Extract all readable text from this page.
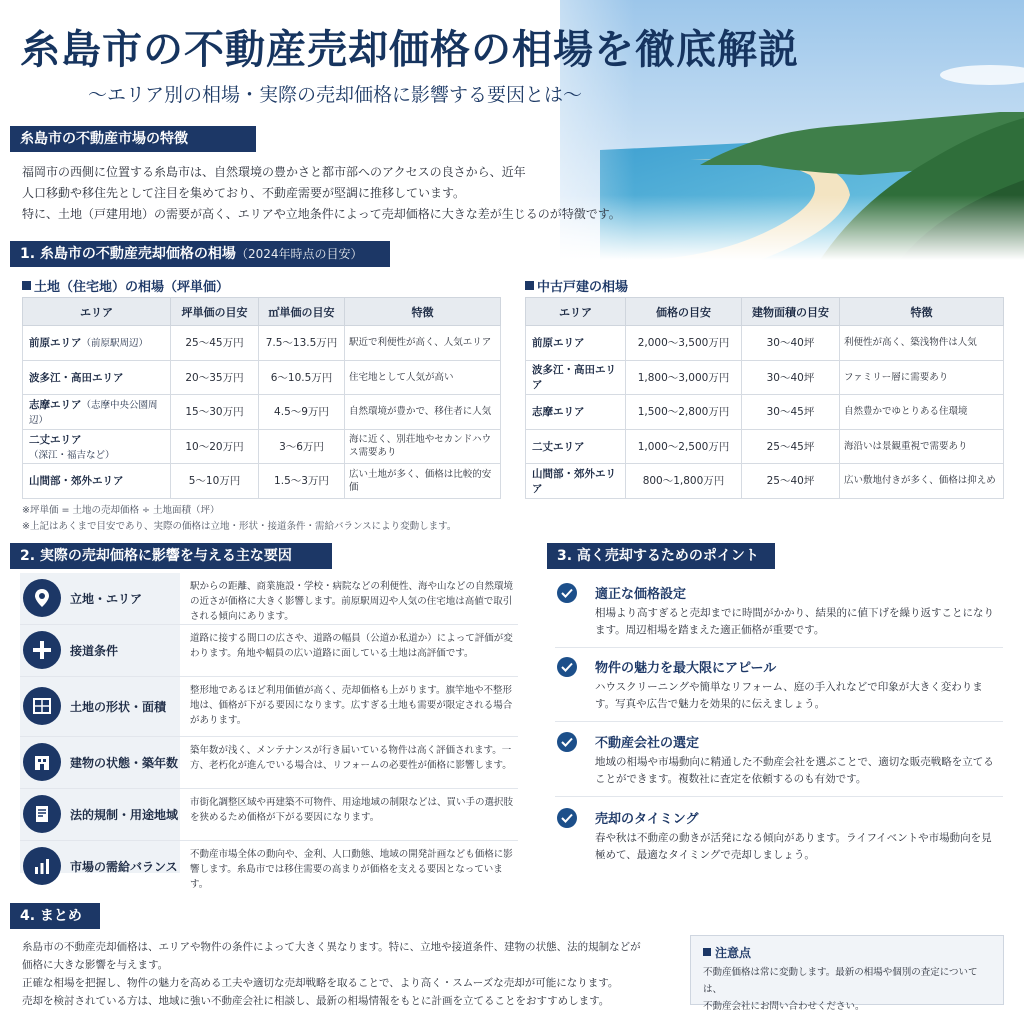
糸島市の不動産売却価格の相場を徹底解説
〜エリア別の相場・実際の売却価格に影響する要因とは〜
糸島市の不動産市場の特徴
福岡市の西側に位置する糸島市は、自然環境の豊かさと都市部へのアクセスの良さから、近年
人口移動や移住先として注目を集めており、不動産需要が堅調に推移しています。
特に、土地（戸建用地）の需要が高く、エリアや立地条件によって売却価格に大きな差が生じるのが特徴です。
1. 糸島市の不動産売却価格の相場（2024年時点の目安）
土地（住宅地）の相場（坪単価）
エリア	坪単価の目安	㎡単価の目安	特徴
前原エリア（前原駅周辺）	25〜45万円	7.5〜13.5万円	駅近で利便性が高く、人気エリア
波多江・高田エリア	20〜35万円	6〜10.5万円	住宅地として人気が高い
志摩エリア（志摩中央公園周辺）	15〜30万円	4.5〜9万円	自然環境が豊かで、移住者に人気
二丈エリア（深江・福吉など）	10〜20万円	3〜6万円	海に近く、別荘地やセカンドハウス需要あり
山間部・郊外エリア	5〜10万円	1.5〜3万円	広い土地が多く、価格は比較的安価
中古戸建の相場
エリア	価格の目安	建物面積の目安	特徴
前原エリア	2,000〜3,500万円	30〜40坪	利便性が高く、築浅物件は人気
波多江・高田エリア	1,800〜3,000万円	30〜40坪	ファミリー層に需要あり
志摩エリア	1,500〜2,800万円	30〜45坪	自然豊かでゆとりある住環境
二丈エリア	1,000〜2,500万円	25〜45坪	海沿いは景観重視で需要あり
山間部・郊外エリア	800〜1,800万円	25〜40坪	広い敷地付きが多く、価格は抑えめ
※坪単価 = 土地の売却価格 ÷ 土地面積（坪）
※上記はあくまで目安であり、実際の価格は立地・形状・接道条件・需給バランスにより変動します。
2. 実際の売却価格に影響を与える主な要因
立地・エリア
駅からの距離、商業施設・学校・病院などの利便性、海や山などの自然環境の近さが価格に大きく影響します。前原駅周辺や人気の住宅地は高値で取引される傾向にあります。
接道条件
道路に接する間口の広さや、道路の幅員（公道か私道か）によって評価が変わります。角地や幅員の広い道路に面している土地は高評価です。
土地の形状・面積
整形地であるほど利用価値が高く、売却価格も上がります。旗竿地や不整形地は、価格が下がる要因になります。広すぎる土地も需要が限定される場合があります。
建物の状態・築年数
築年数が浅く、メンテナンスが行き届いている物件は高く評価されます。一方、老朽化が進んでいる場合は、リフォームの必要性が価格に影響します。
法的規制・用途地域
市街化調整区域や再建築不可物件、用途地域の制限などは、買い手の選択肢を狭めるため価格が下がる要因になります。
市場の需給バランス
不動産市場全体の動向や、金利、人口動態、地域の開発計画なども価格に影響します。糸島市では移住需要の高まりが価格を支える要因となっています。
3. 高く売却するためのポイント
適正な価格設定
相場より高すぎると売却までに時間がかかり、結果的に値下げを繰り返すことになります。周辺相場を踏まえた適正価格が重要です。
物件の魅力を最大限にアピール
ハウスクリーニングや簡単なリフォーム、庭の手入れなどで印象が大きく変わります。写真や広告で魅力を効果的に伝えましょう。
不動産会社の選定
地域の相場や市場動向に精通した不動産会社を選ぶことで、適切な販売戦略を立てることができます。複数社に査定を依頼するのも有効です。
売却のタイミング
春や秋は不動産の動きが活発になる傾向があります。ライフイベントや市場動向を見極めて、最適なタイミングで売却しましょう。
4. まとめ
糸島市の不動産売却価格は、エリアや物件の条件によって大きく異なります。特に、立地や接道条件、建物の状態、法的規制などが
価格に大きな影響を与えます。
正確な相場を把握し、物件の魅力を高める工夫や適切な売却戦略を取ることで、より高く・スムーズな売却が可能になります。
売却を検討されている方は、地域に強い不動産会社に相談し、最新の相場情報をもとに計画を立てることをおすすめします。
注意点
不動産価格は常に変動します。最新の相場や個別の査定については、
不動産会社にお問い合わせください。
